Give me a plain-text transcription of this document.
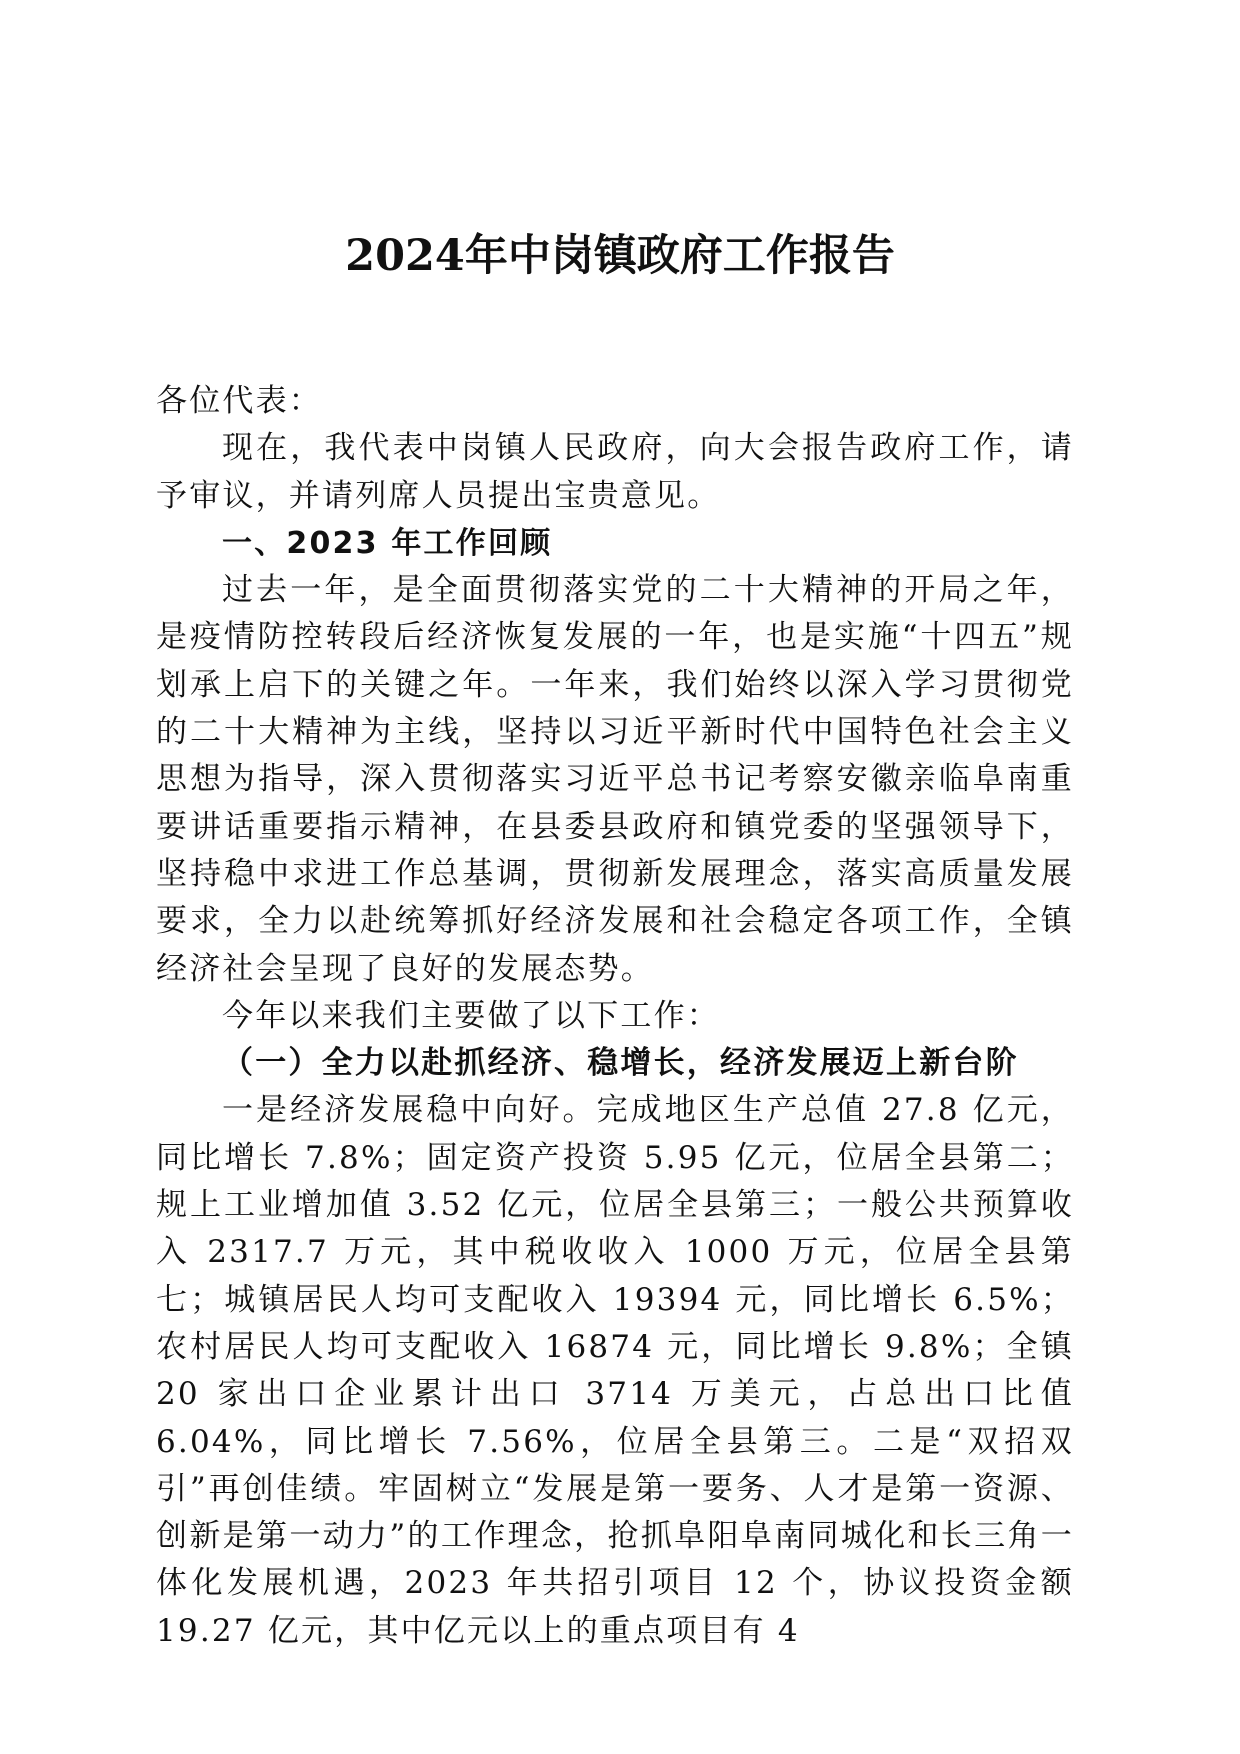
2024年中岗镇政府工作报告

各位代表：

现在，我代表中岗镇人民政府，向大会报告政府工作，请予审议，并请列席人员提出宝贵意见。

一、2023 年工作回顾

过去一年，是全面贯彻落实党的二十大精神的开局之年，是疫情防控转段后经济恢复发展的一年，也是实施“十四五”规划承上启下的关键之年。一年来，我们始终以深入学习贯彻党的二十大精神为主线，坚持以习近平新时代中国特色社会主义思想为指导，深入贯彻落实习近平总书记考察安徽亲临阜南重要讲话重要指示精神，在县委县政府和镇党委的坚强领导下，坚持稳中求进工作总基调，贯彻新发展理念，落实高质量发展要求，全力以赴统筹抓好经济发展和社会稳定各项工作，全镇经济社会呈现了良好的发展态势。

今年以来我们主要做了以下工作：

（一）全力以赴抓经济、稳增长，经济发展迈上新台阶

一是经济发展稳中向好。完成地区生产总值 27.8 亿元，同比增长 7.8%；固定资产投资 5.95 亿元，位居全县第二；规上工业增加值 3.52 亿元，位居全县第三；一般公共预算收入 2317.7 万元，其中税收收入 1000 万元，位居全县第七；城镇居民人均可支配收入 19394 元，同比增长 6.5%；农村居民人均可支配收入 16874 元，同比增长 9.8%；全镇 20 家出口企业累计出口 3714 万美元，占总出口比值 6.04%，同比增长 7.56%，位居全县第三。二是“双招双引”再创佳绩。牢固树立“发展是第一要务、人才是第一资源、创新是第一动力”的工作理念，抢抓阜阳阜南同城化和长三角一体化发展机遇，2023 年共招引项目 12 个，协议投资金额 19.27 亿元，其中亿元以上的重点项目有 4
